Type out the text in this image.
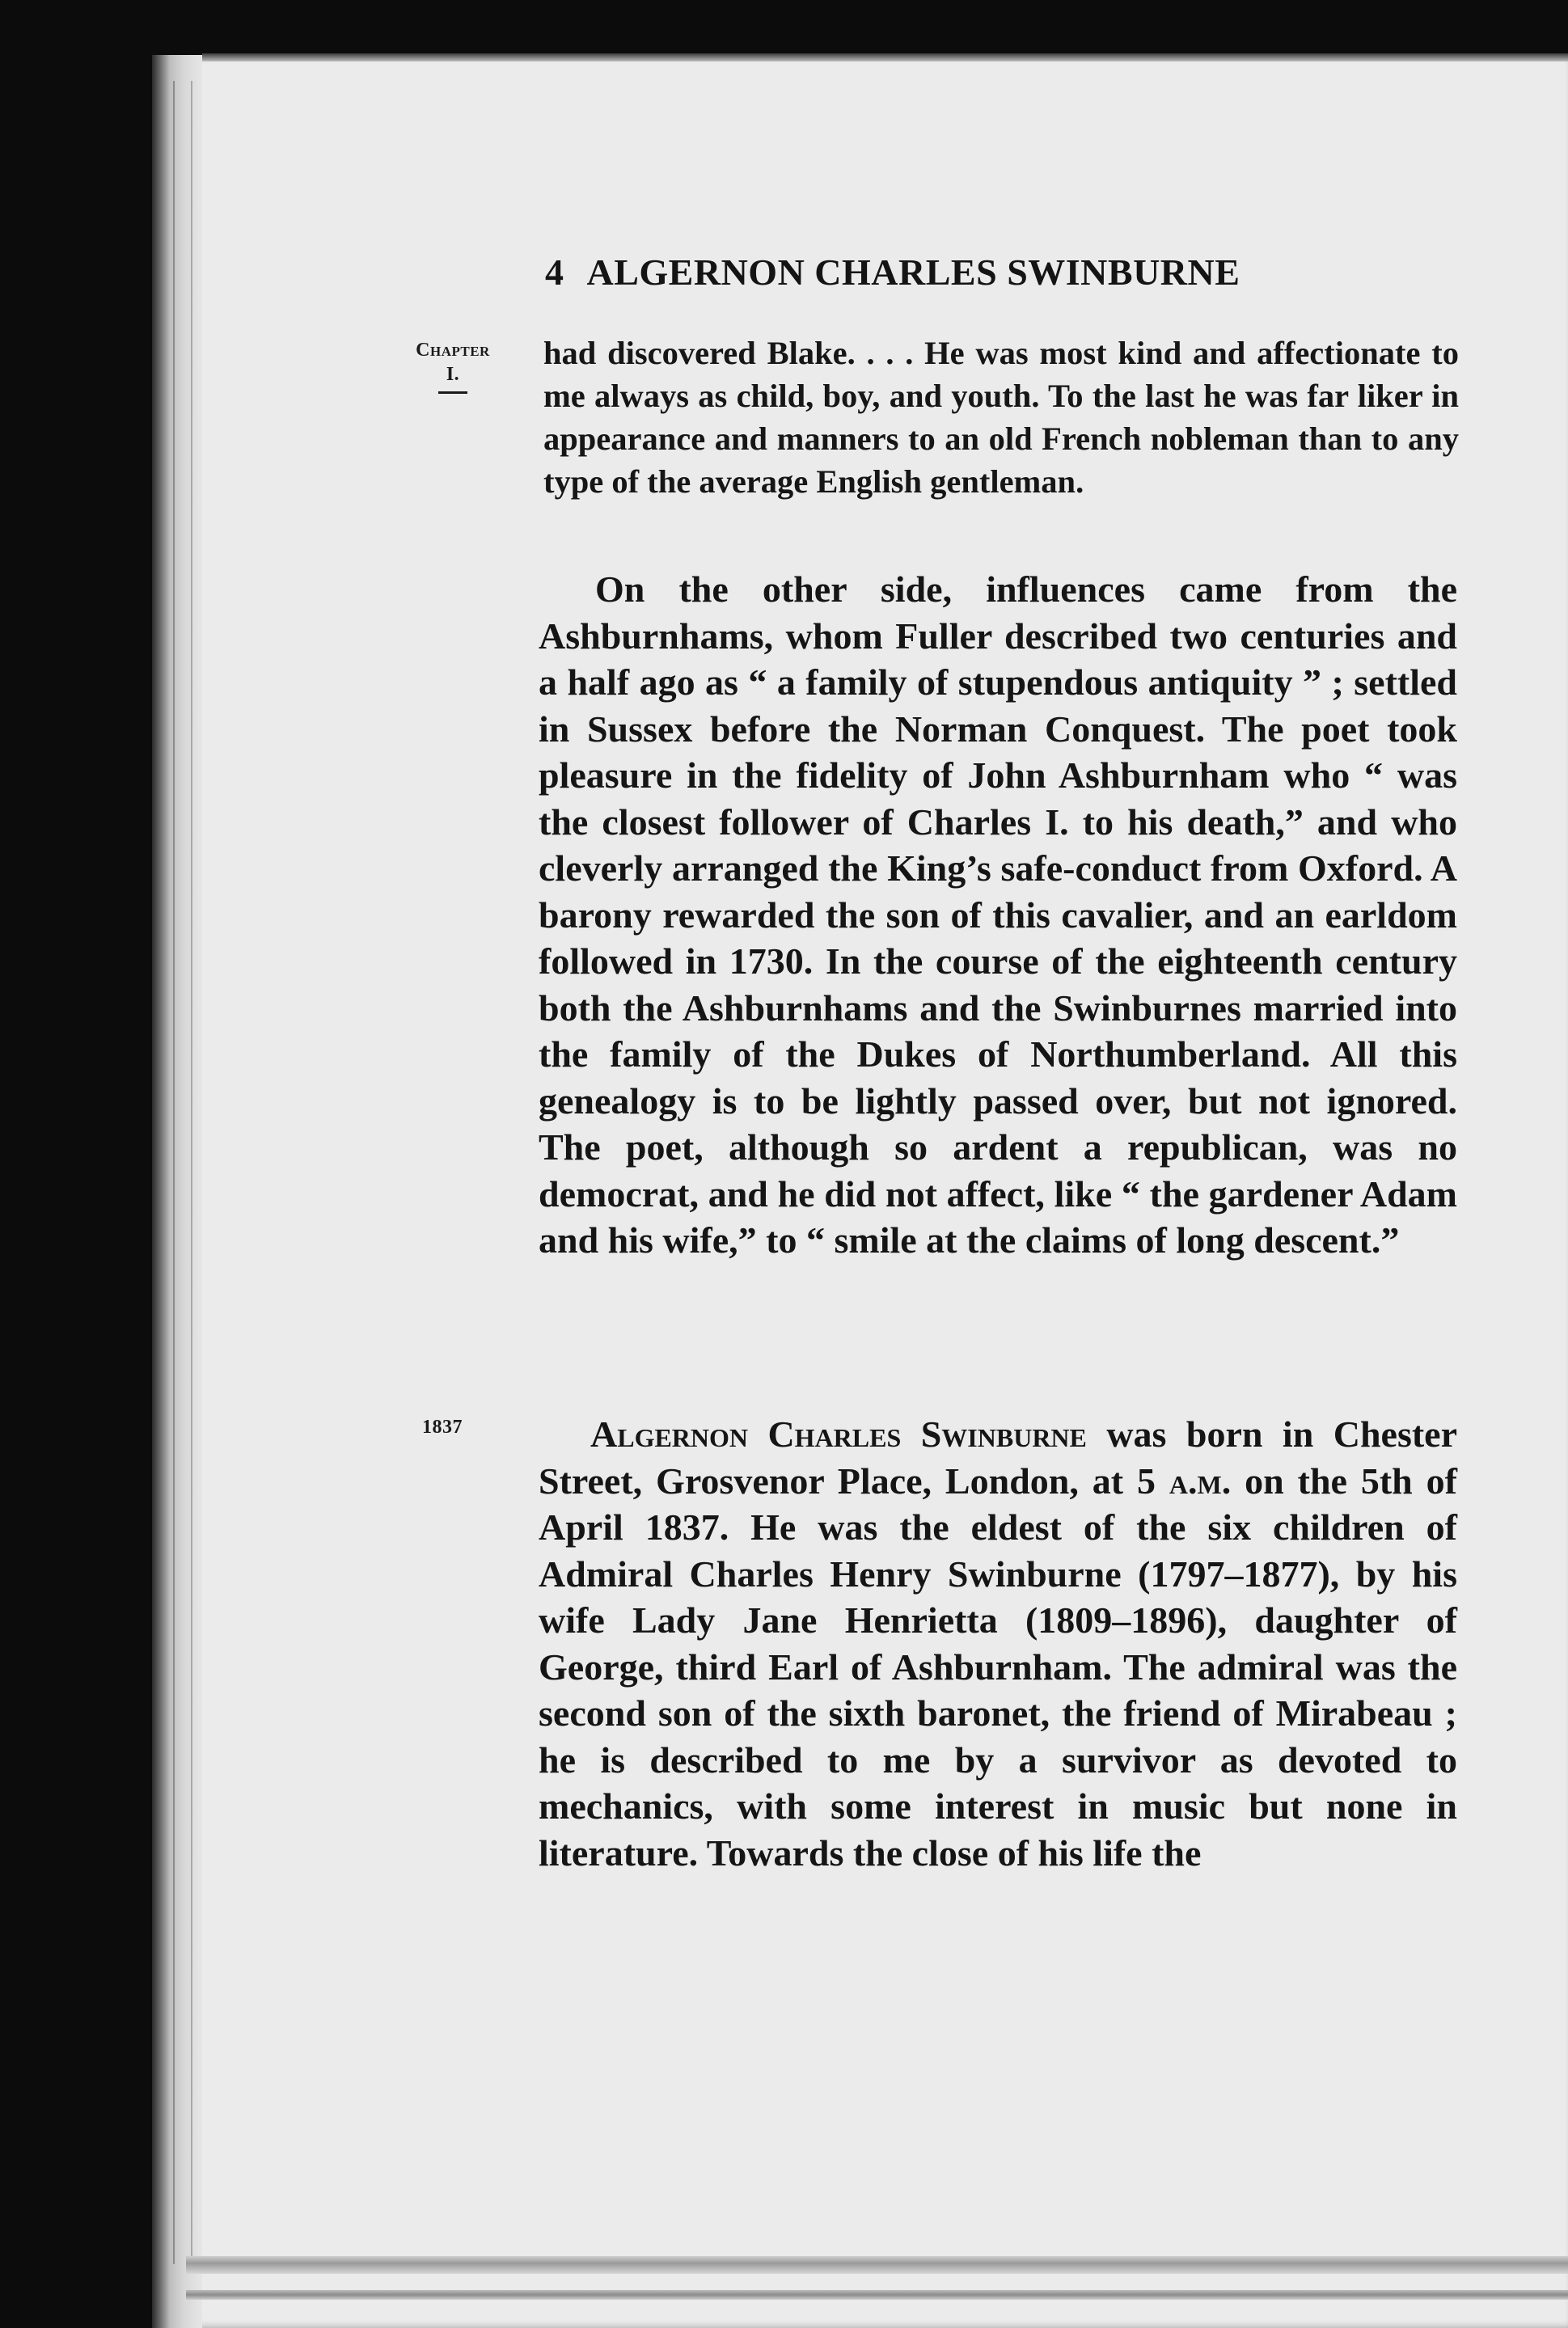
4 ALGERNON CHARLES SWINBURNE
Chapter
I.

had discovered Blake. . . . He was most kind and affectionate to me always as child, boy, and youth. To the last he was far liker in appearance and manners to an old French nobleman than to any type of the average English gentleman.

On the other side, influences came from the Ashburnhams, whom Fuller described two centuries and a half ago as “ a family of stupendous antiquity ” ; settled in Sussex before the Norman Conquest. The poet took pleasure in the fidelity of John Ashburnham who “ was the closest follower of Charles I. to his death,” and who cleverly arranged the King’s safe-conduct from Oxford. A barony rewarded the son of this cavalier, and an earldom followed in 1730. In the course of the eighteenth century both the Ashburnhams and the Swinburnes married into the family of the Dukes of Northumberland. All this genealogy is to be lightly passed over, but not ignored. The poet, although so ardent a republican, was no democrat, and he did not affect, like “ the gardener Adam and his wife,” to “ smile at the claims of long descent.”

1837	Algernon Charles Swinburne was born in Chester Street, Grosvenor Place, London, at 5 a.m. on the 5th of April 1837. He was the eldest of the six children of Admiral Charles Henry Swinburne (1797–1877), by his wife Lady Jane Henrietta (1809–1896), daughter of George, third Earl of Ashburnham. The admiral was the second son of the sixth baronet, the friend of Mirabeau ; he is described to me by a survivor as devoted to mechanics, with some interest in music but none in literature. Towards the close of his life the
